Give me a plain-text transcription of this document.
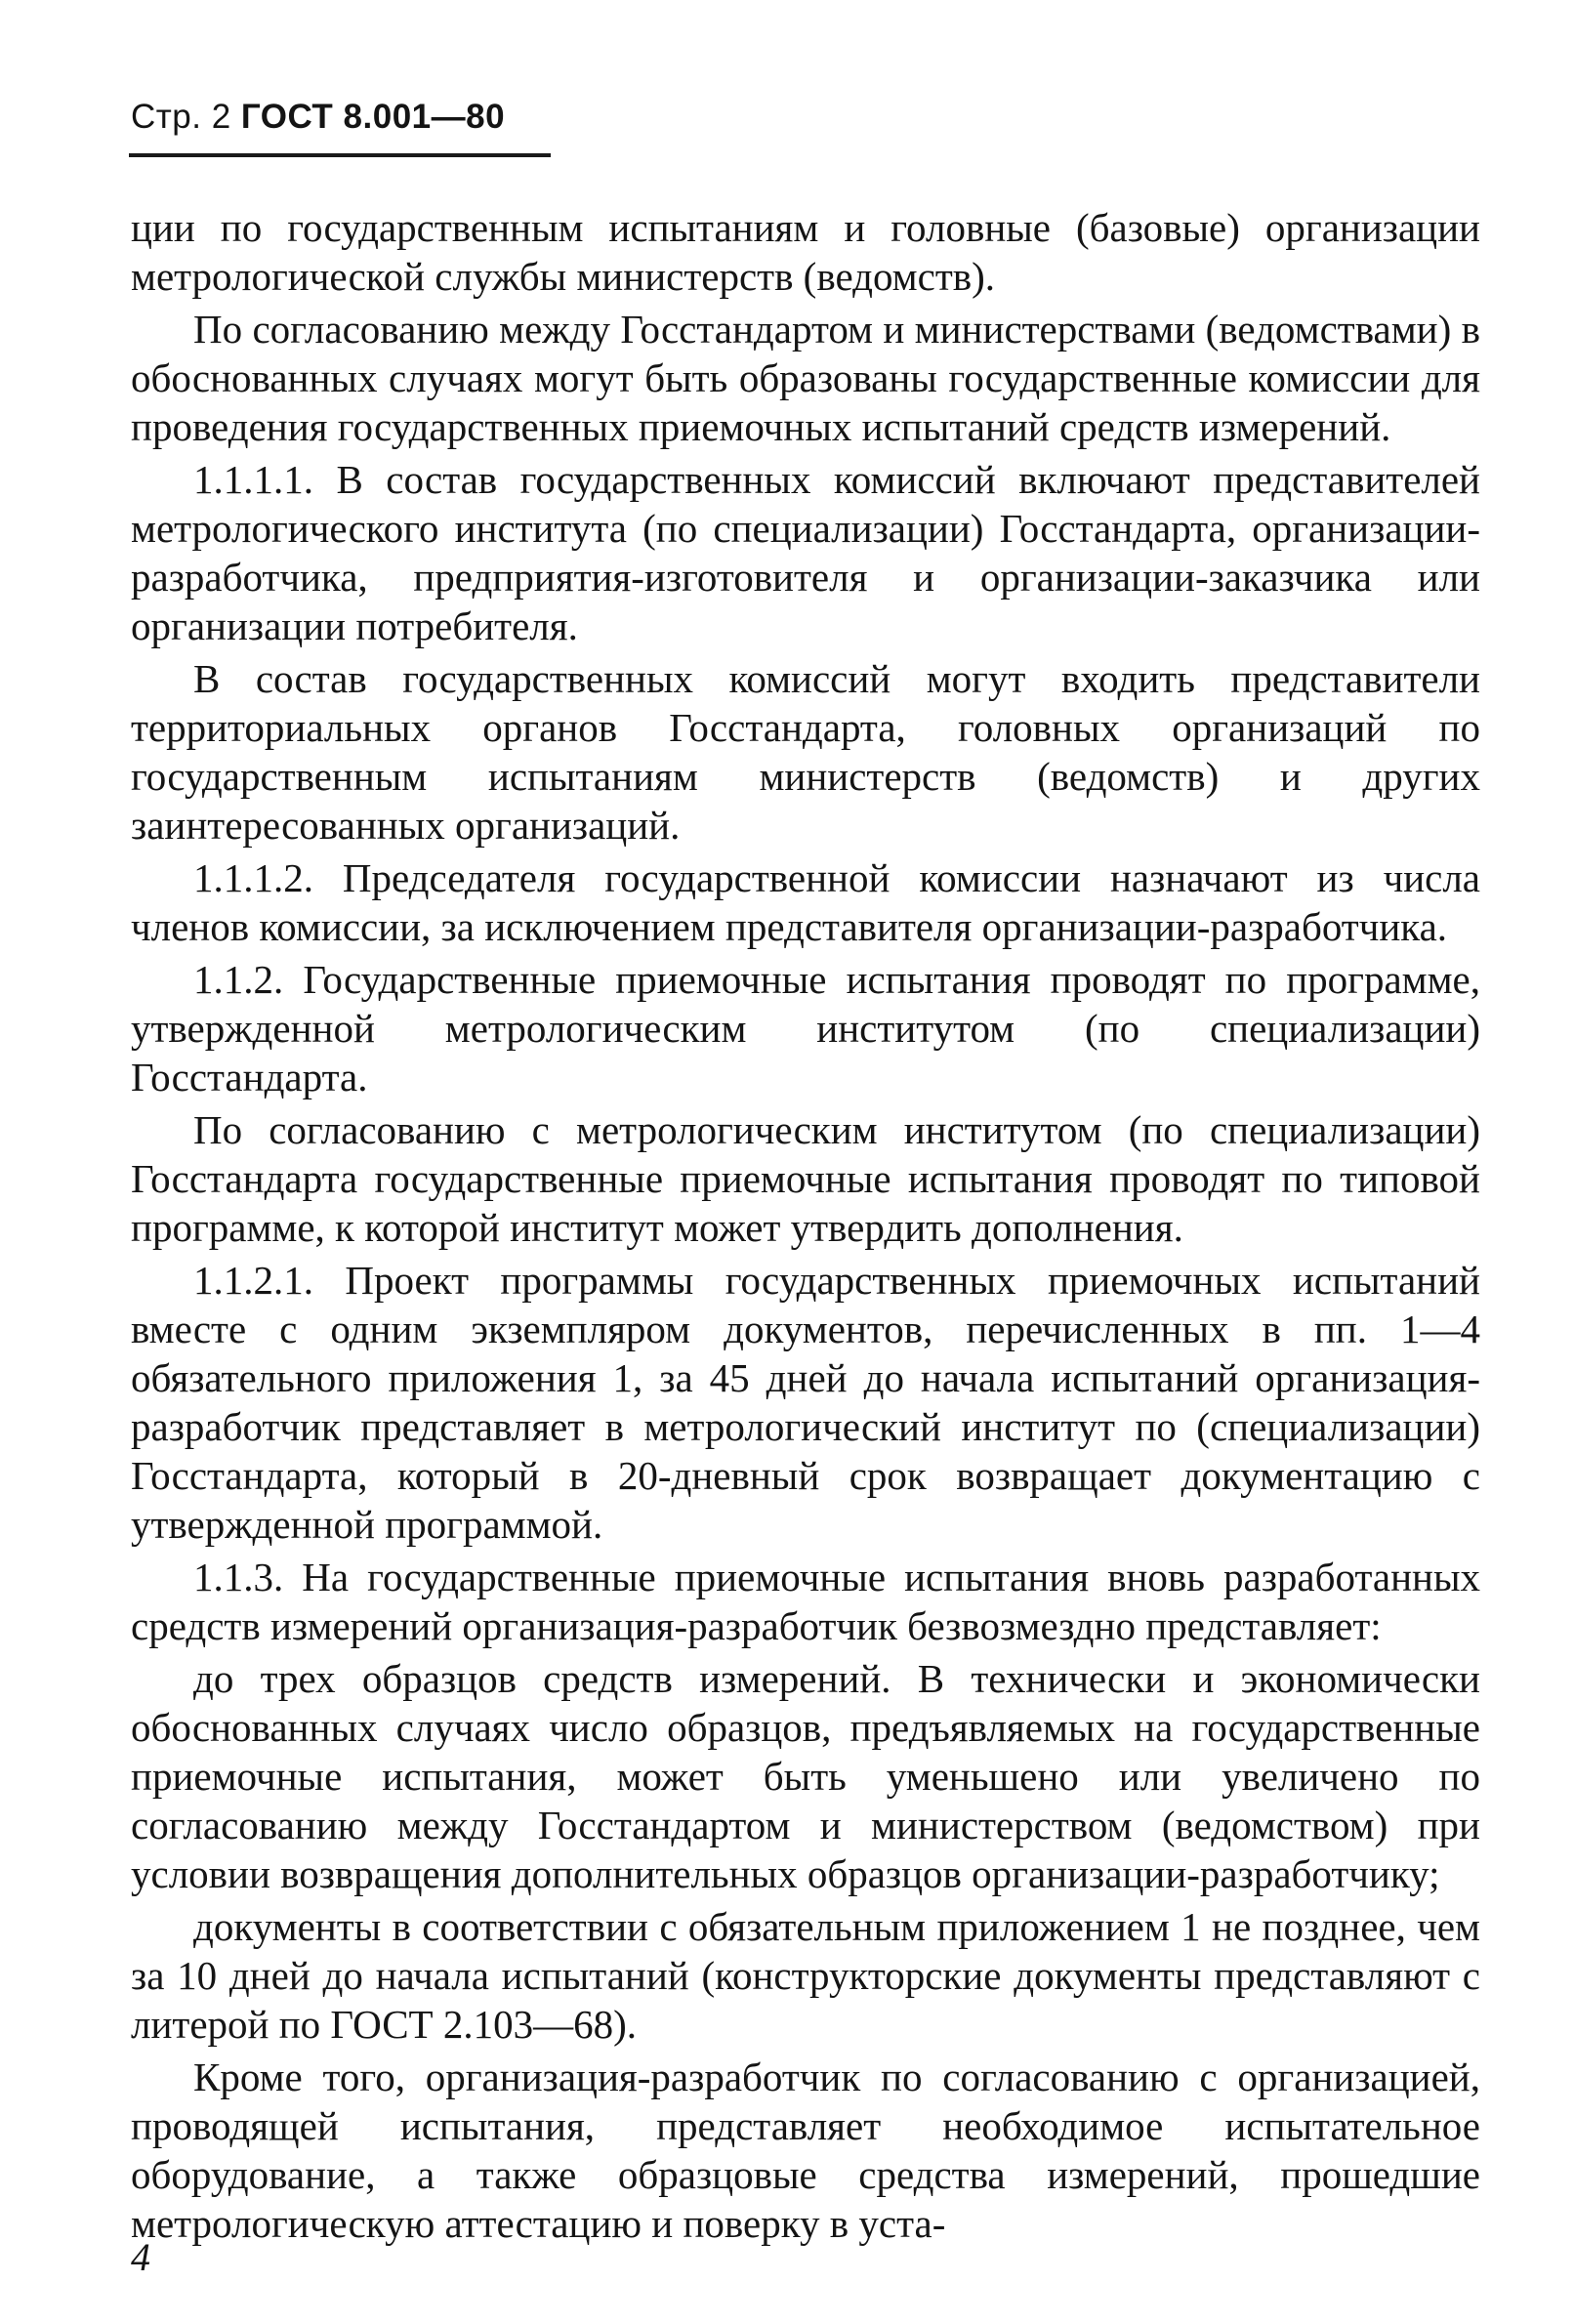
Стр. 2 ГОСТ 8.001—80

ции по государственным испытаниям и головные (базовые) организации метрологической службы министерств (ведомств).

По согласованию между Госстандартом и министерствами (ведомствами) в обоснованных случаях могут быть образованы государственные комиссии для проведения государственных приемочных испытаний средств измерений.

1.1.1.1. В состав государственных комиссий включают представителей метрологического института (по специализации) Госстандарта, организации-разработчика, предприятия-изготовителя и организации-заказчика или организации потребителя.

В состав государственных комиссий могут входить представители территориальных органов Госстандарта, головных организаций по государственным испытаниям министерств (ведомств) и других заинтересованных организаций.

1.1.1.2. Председателя государственной комиссии назначают из числа членов комиссии, за исключением представителя организации-разработчика.

1.1.2. Государственные приемочные испытания проводят по программе, утвержденной метрологическим институтом (по специализации) Госстандарта.

По согласованию с метрологическим институтом (по специализации) Госстандарта государственные приемочные испытания проводят по типовой программе, к которой институт может утвердить дополнения.

1.1.2.1. Проект программы государственных приемочных испытаний вместе с одним экземпляром документов, перечисленных в пп. 1—4 обязательного приложения 1, за 45 дней до начала испытаний организация-разработчик представляет в метрологический институт по (специализации) Госстандарта, который в 20-дневный срок возвращает документацию с утвержденной программой.

1.1.3. На государственные приемочные испытания вновь разработанных средств измерений организация-разработчик безвозмездно представляет:

до трех образцов средств измерений. В технически и экономически обоснованных случаях число образцов, предъявляемых на государственные приемочные испытания, может быть уменьшено или увеличено по согласованию между Госстандартом и министерством (ведомством) при условии возвращения дополнительных образцов организации-разработчику;

документы в соответствии с обязательным приложением 1 не позднее, чем за 10 дней до начала испытаний (конструкторские документы представляют с литерой по ГОСТ 2.103—68).

Кроме того, организация-разработчик по согласованию с организацией, проводящей испытания, представляет необходимое испытательное оборудование, а также образцовые средства измерений, прошедшие метрологическую аттестацию и поверку в уста-

4
